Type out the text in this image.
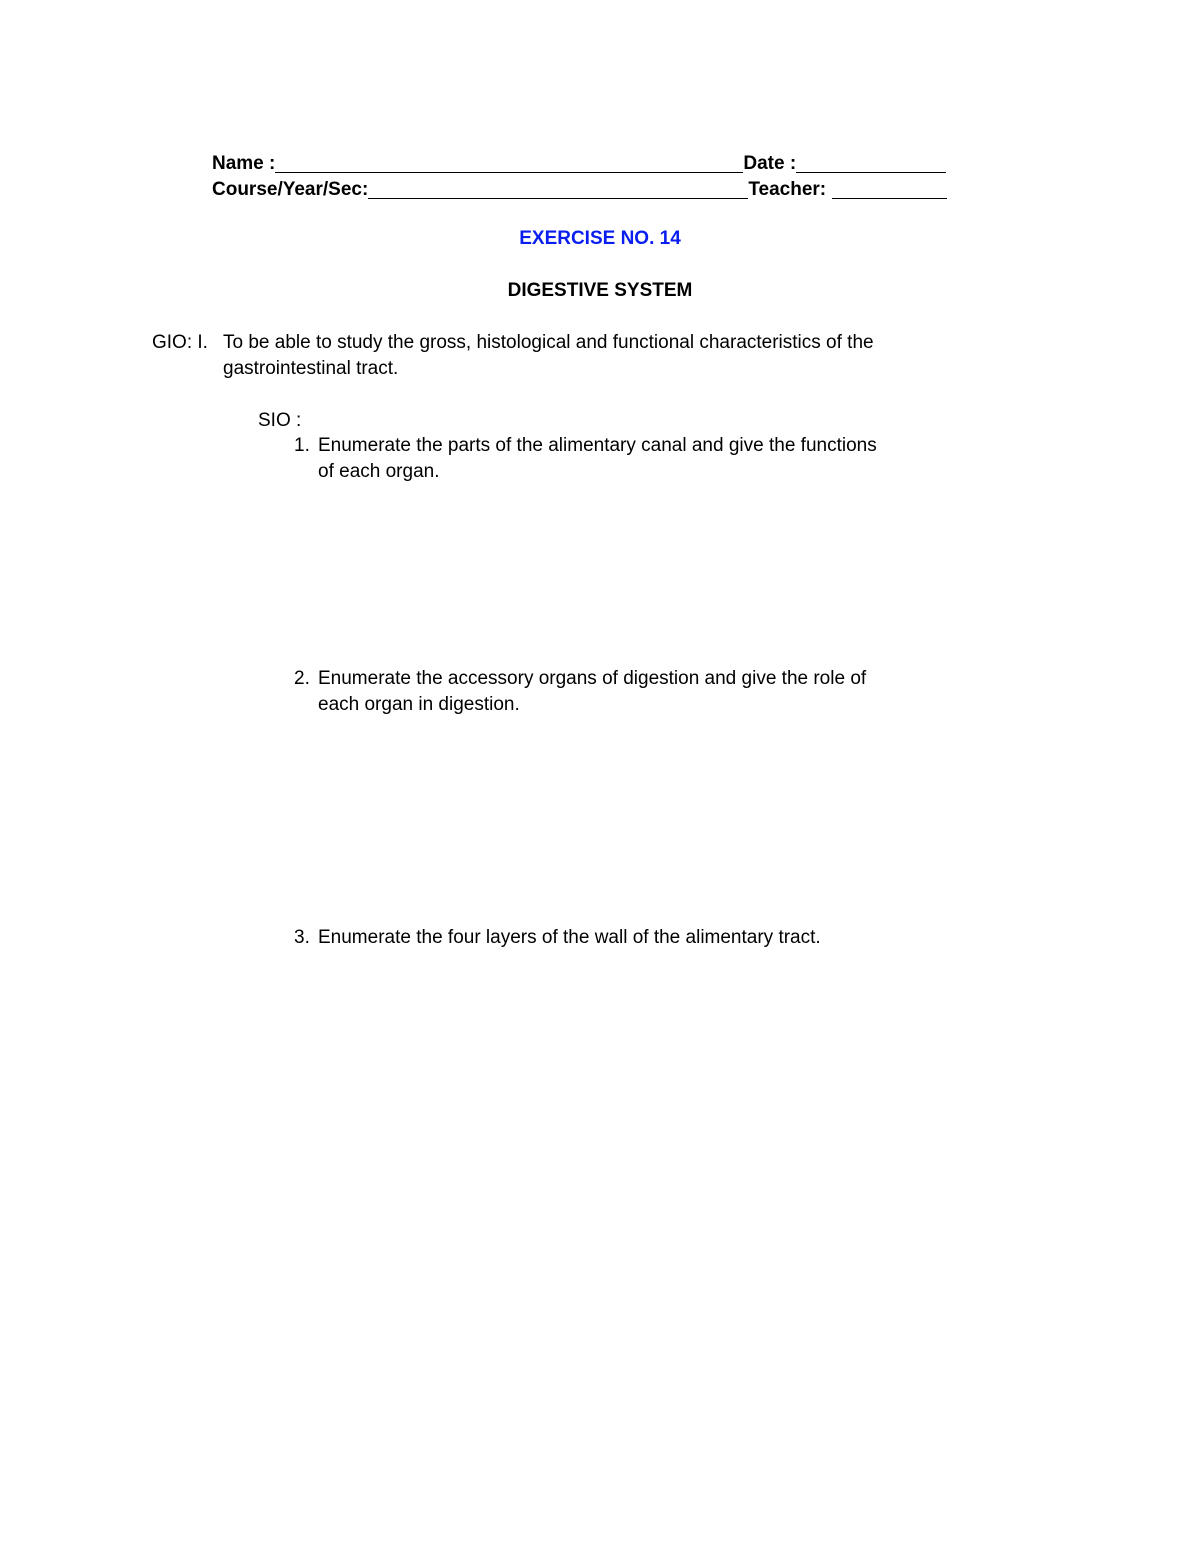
Name :	Date :
Course/Year/Sec:	Teacher:
EXERCISE NO. 14
DIGESTIVE SYSTEM
GIO: I. To be able to study the gross, histological and functional characteristics of the
gastrointestinal tract.
SIO :
1. Enumerate the parts of the alimentary canal and give the functions
of each organ.
2. Enumerate the accessory organs of digestion and give the role of
each organ in digestion.
3. Enumerate the four layers of the wall of the alimentary tract.
